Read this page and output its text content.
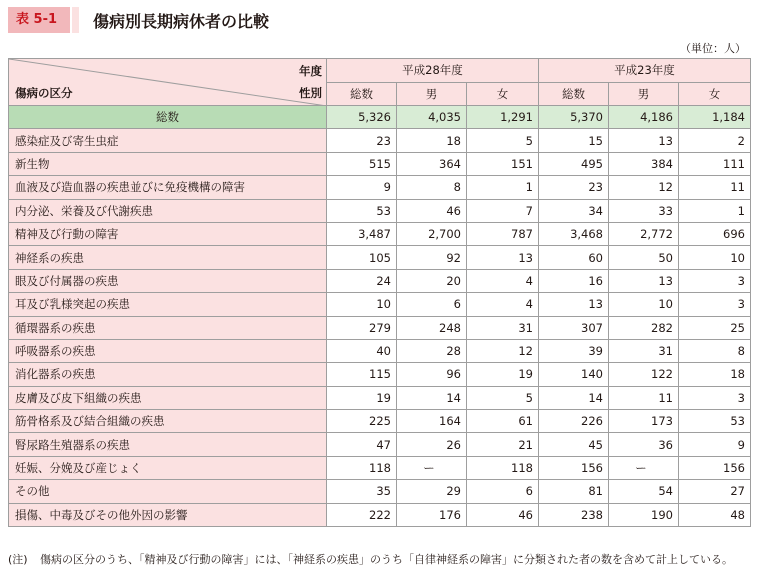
表 5-1	傷病別長期病休者の比較
（単位：人）
年度
性別
傷病の区分	平成28年度			平成23年度		
	総数	男	女	総数	男	女
総数	5,326	4,035	1,291	5,370	4,186	1,184
感染症及び寄生虫症	23	18	5	15	13	2
新生物	515	364	151	495	384	111
血液及び造血器の疾患並びに免疫機構の障害	9	8	1	23	12	11
内分泌、栄養及び代謝疾患	53	46	7	34	33	1
精神及び行動の障害	3,487	2,700	787	3,468	2,772	696
神経系の疾患	105	92	13	60	50	10
眼及び付属器の疾患	24	20	4	16	13	3
耳及び乳様突起の疾患	10	6	4	13	10	3
循環器系の疾患	279	248	31	307	282	25
呼吸器系の疾患	40	28	12	39	31	8
消化器系の疾患	115	96	19	140	122	18
皮膚及び皮下組織の疾患	19	14	5	14	11	3
筋骨格系及び結合組織の疾患	225	164	61	226	173	53
腎尿路生殖器系の疾患	47	26	21	45	36	9
妊娠、分娩及び産じょく	118	ー	118	156	ー	156
その他	35	29	6	81	54	27
損傷、中毒及びその他外因の影響	222	176	46	238	190	48
(注)	傷病の区分のうち、「精神及び行動の障害」には、「神経系の疾患」のうち「自律神経系の障害」に分類された者の数を含めて計上している。
